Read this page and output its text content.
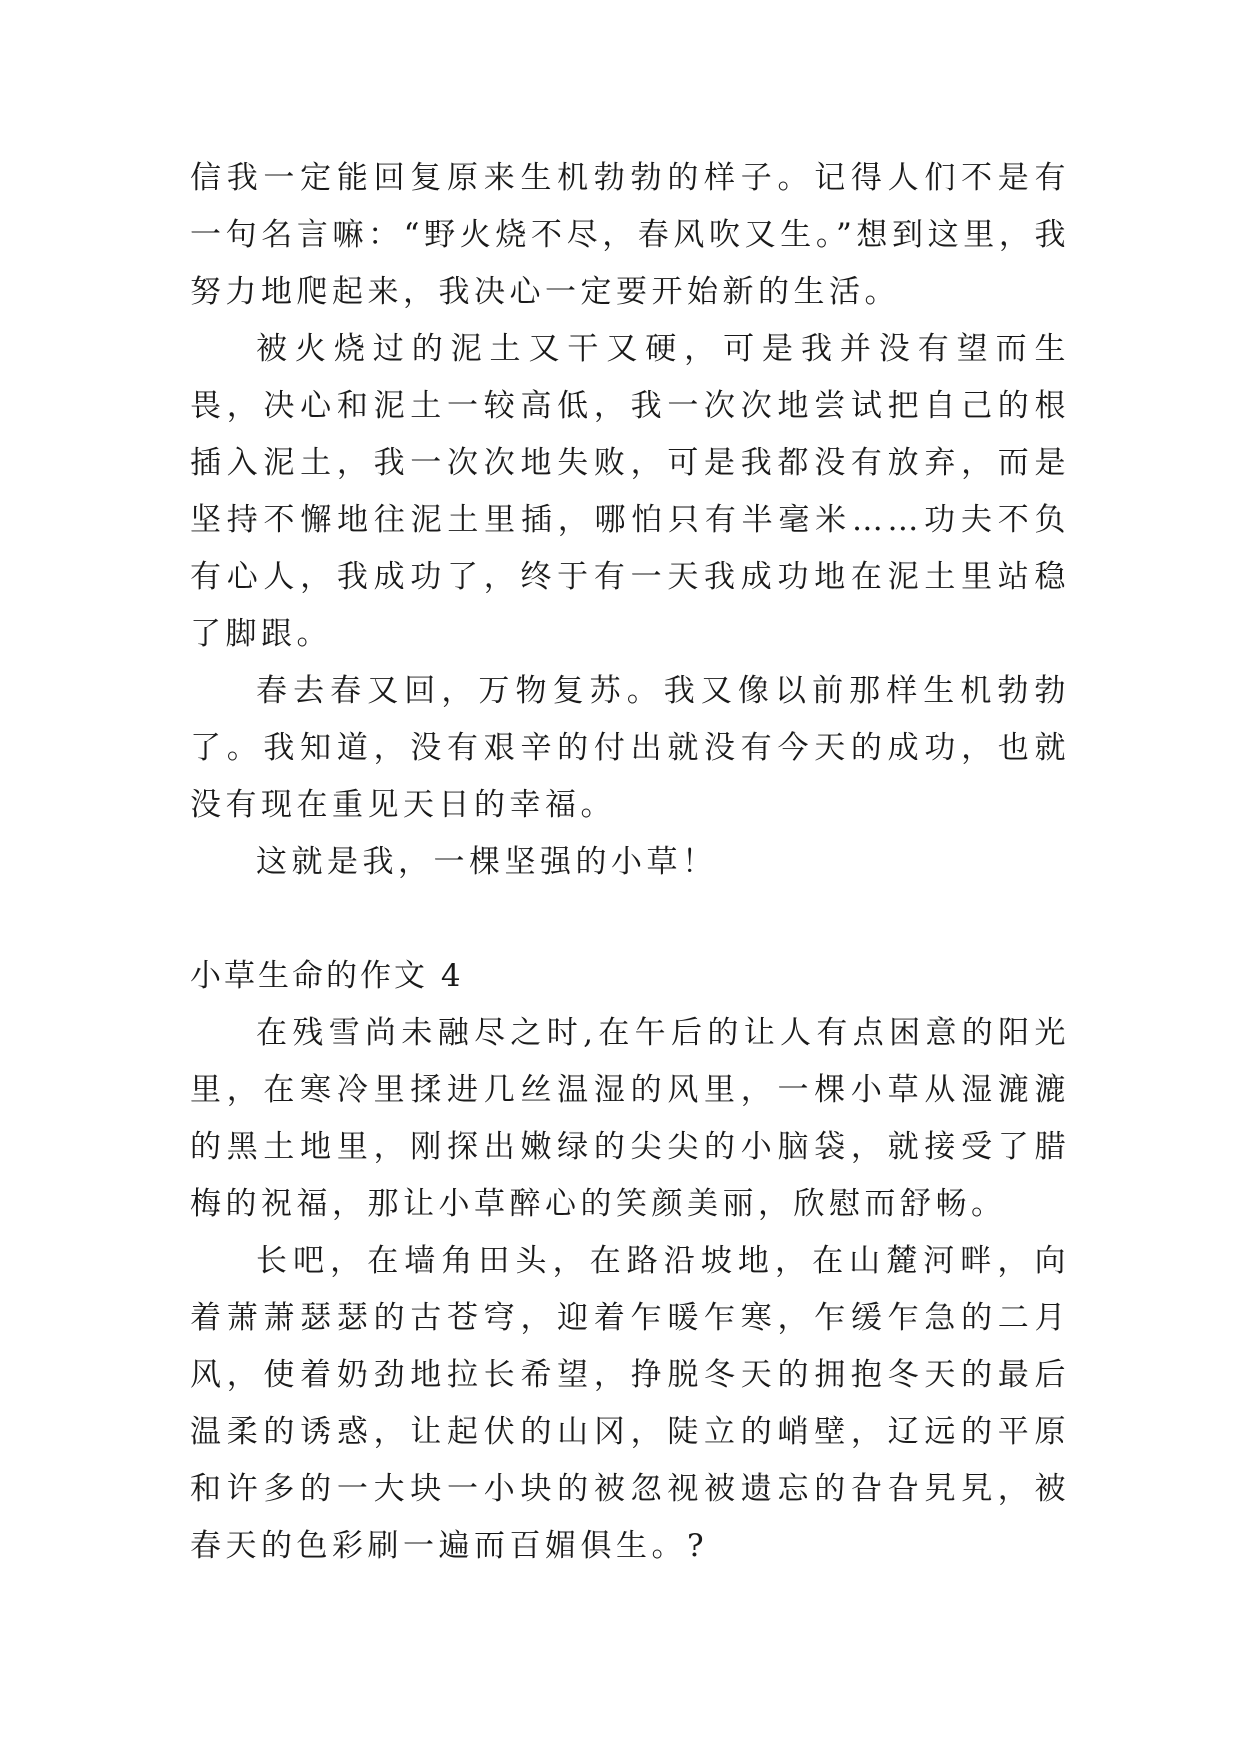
信我一定能回复原来生机勃勃的样子。记得人们不是有一句名言嘛：“野火烧不尽，春风吹又生。”想到这里，我努力地爬起来，我决心一定要开始新的生活。

被火烧过的泥土又干又硬，可是我并没有望而生畏，决心和泥土一较高低，我一次次地尝试把自己的根插入泥土，我一次次地失败，可是我都没有放弃，而是坚持不懈地往泥土里插，哪怕只有半毫米……功夫不负有心人，我成功了，终于有一天我成功地在泥土里站稳了脚跟。

春去春又回，万物复苏。我又像以前那样生机勃勃了。我知道，没有艰辛的付出就没有今天的成功，也就没有现在重见天日的幸福。

这就是我，一棵坚强的小草！

小草生命的作文 4

在残雪尚未融尽之时,在午后的让人有点困意的阳光里，在寒冷里揉进几丝温湿的风里，一棵小草从湿漉漉的黑土地里，刚探出嫩绿的尖尖的小脑袋，就接受了腊梅的祝福，那让小草醉心的笑颜美丽，欣慰而舒畅。

长吧，在墙角田头，在路沿坡地，在山麓河畔，向着萧萧瑟瑟的古苍穹，迎着乍暖乍寒，乍缓乍急的二月风，使着奶劲地拉长希望，挣脱冬天的拥抱冬天的最后温柔的诱惑，让起伏的山冈，陡立的峭壁，辽远的平原和许多的一大块一小块的被忽视被遗忘的旮旮旯旯，被春天的色彩刷一遍而百媚俱生。?
